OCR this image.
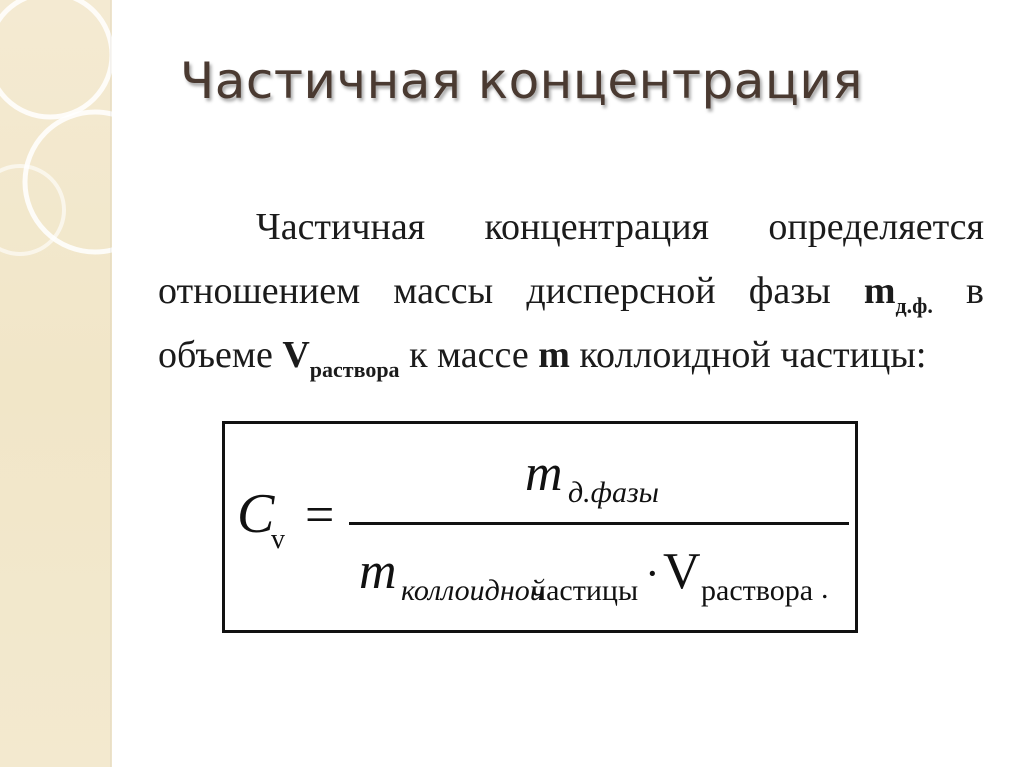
Частичная концентрация
Частичная концентрация определяется отношением массы дисперсной фазы $m_{д.ф.}$ в объеме $V_{раствора}$ к массе m коллоидной частицы:
C
v =
m д.фазы
m коллоидной
частицы · V раствора .
